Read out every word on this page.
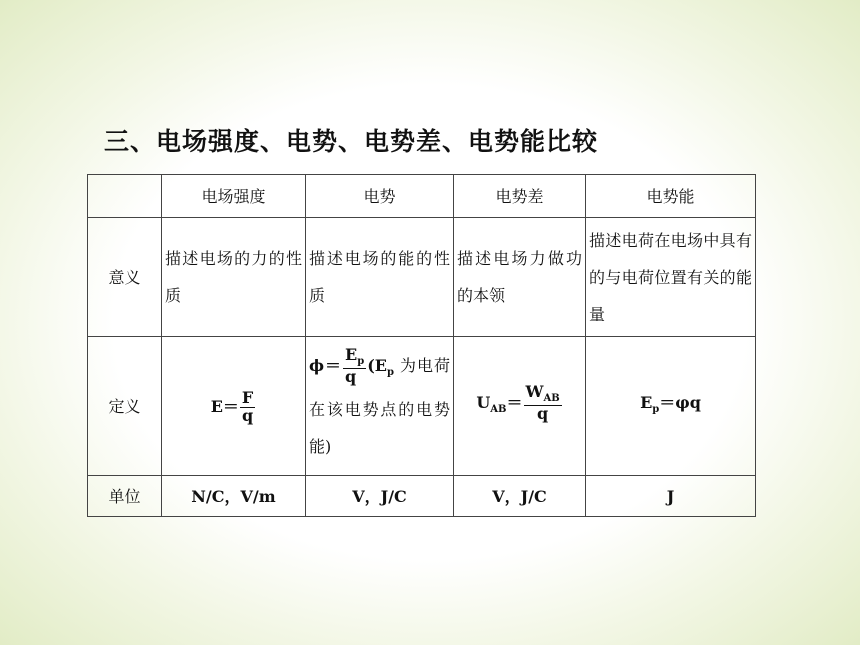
三、电场强度、电势、电势差、电势能比较
	电场强度	电势	电势差	电势能
意义	描述电场的力的性质	描述电场的能的性质	描述电场力做功的本领	描述电荷在电场中具有的与电荷位置有关的能量
定义	$E= \frac{F}{q}$	$\phi= \frac{E_p}{q} (E_p$ 为电荷在该电势点的电势能)	$U_{AB}= \frac{W_{AB}}{q}$	$E_p=\varphi q$
单位	N/C，V/m	V，J/C	V，J/C	J
